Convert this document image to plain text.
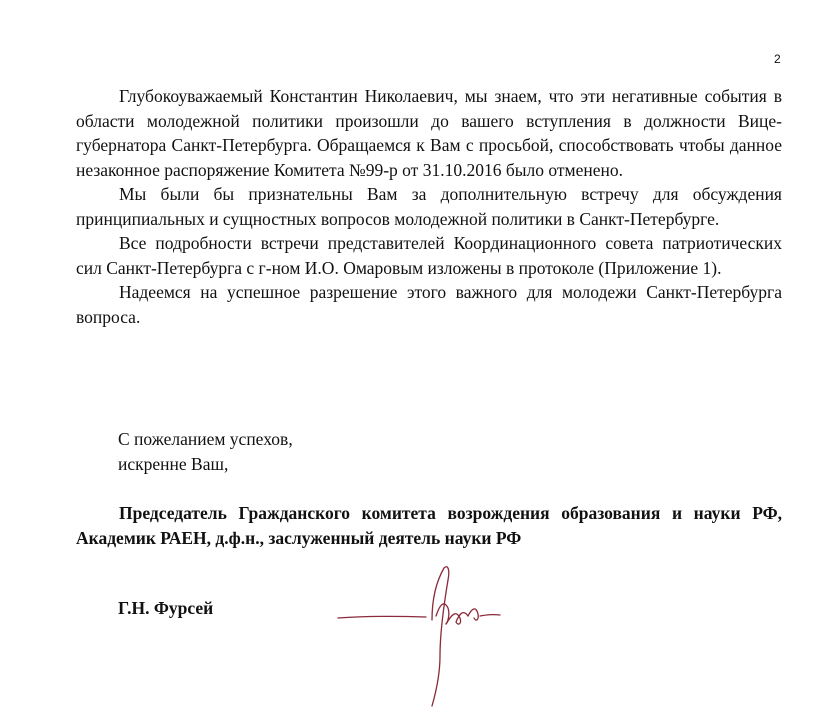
2

Глубокоуважаемый Константин Николаевич, мы знаем, что эти негативные события в области молодежной политики произошли до вашего вступления в должности Вице-губернатора Санкт-Петербурга. Обращаемся к Вам с просьбой, способствовать чтобы данное незаконное распоряжение Комитета №99-р от 31.10.2016 было отменено.

Мы были бы признательны Вам за дополнительную встречу для обсуждения принципиальных и сущностных вопросов молодежной политики в Санкт-Петербурге.

Все подробности встречи представителей Координационного совета патриотических сил Санкт-Петербурга с г-ном И.О. Омаровым изложены в протоколе (Приложение 1).

Надеемся на успешное разрешение этого важного для молодежи Санкт-Петербурга вопроса.

С пожеланием успехов,
искренне Ваш,
Председатель Гражданского комитета возрождения образования и науки РФ, Академик РАЕН, д.ф.н., заслуженный деятель науки РФ
Г.Н. Фурсей
